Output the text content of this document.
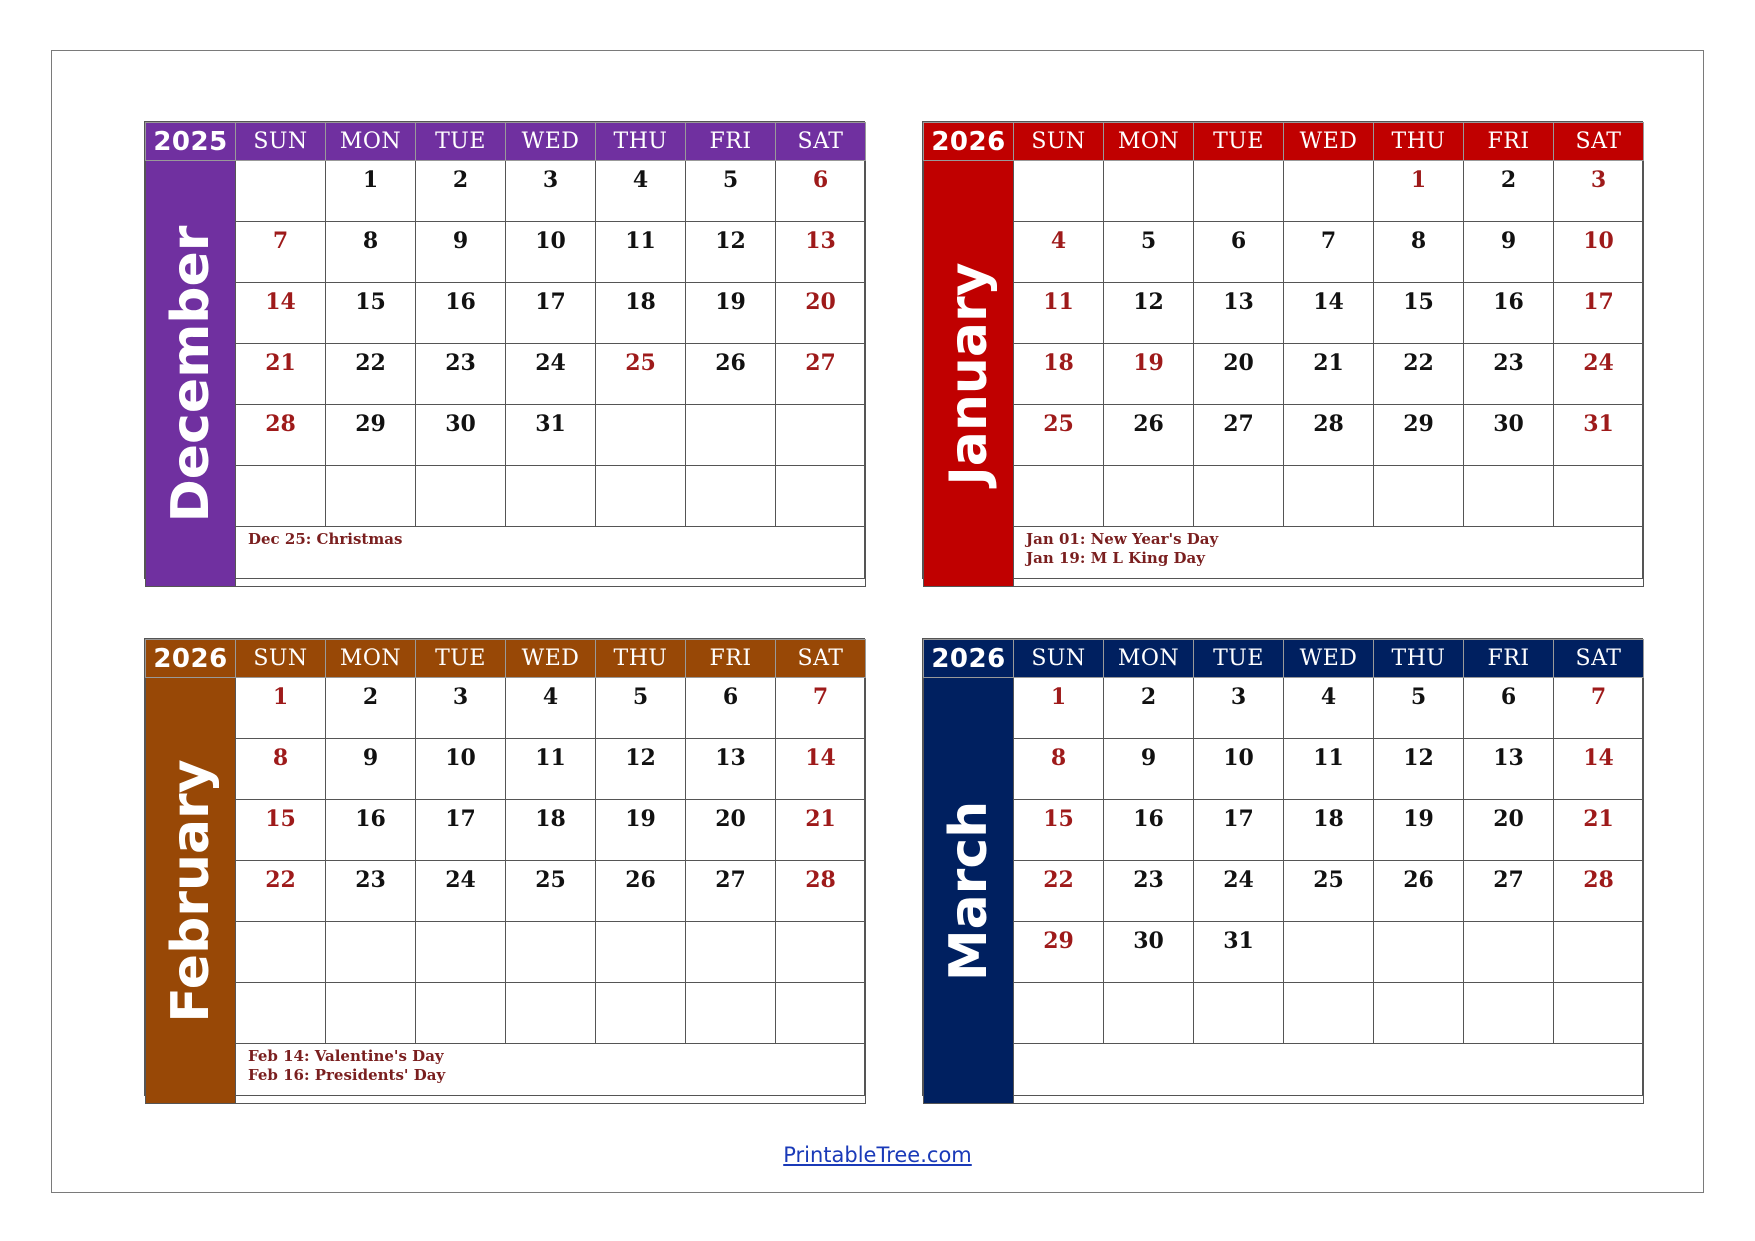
2025	SUN	MON	TUE	WED	THU	FRI	SAT

December		1	2	3	4	5	6

	7	8	9	10	11	12	13

	14	15	16	17	18	19	20

	21	22	23	24	25	26	27

	28	29	30	31			

	Dec 25: Christmas						
2026	SUN	MON	TUE	WED	THU	FRI	SAT

January					1	2	3

	4	5	6	7	8	9	10

	11	12	13	14	15	16	17

	18	19	20	21	22	23	24

	25	26	27	28	29	30	31

	Jan 01: New Year's Day
Jan 19: M L King Day						
2026	SUN	MON	TUE	WED	THU	FRI	SAT

February	1	2	3	4	5	6	7

	8	9	10	11	12	13	14

	15	16	17	18	19	20	21

	22	23	24	25	26	27	28

	Feb 14: Valentine's Day
Feb 16: Presidents' Day						
2026	SUN	MON	TUE	WED	THU	FRI	SAT

March	1	2	3	4	5	6	7

	8	9	10	11	12	13	14

	15	16	17	18	19	20	21

	22	23	24	25	26	27	28

	29	30	31				

PrintableTree.com
